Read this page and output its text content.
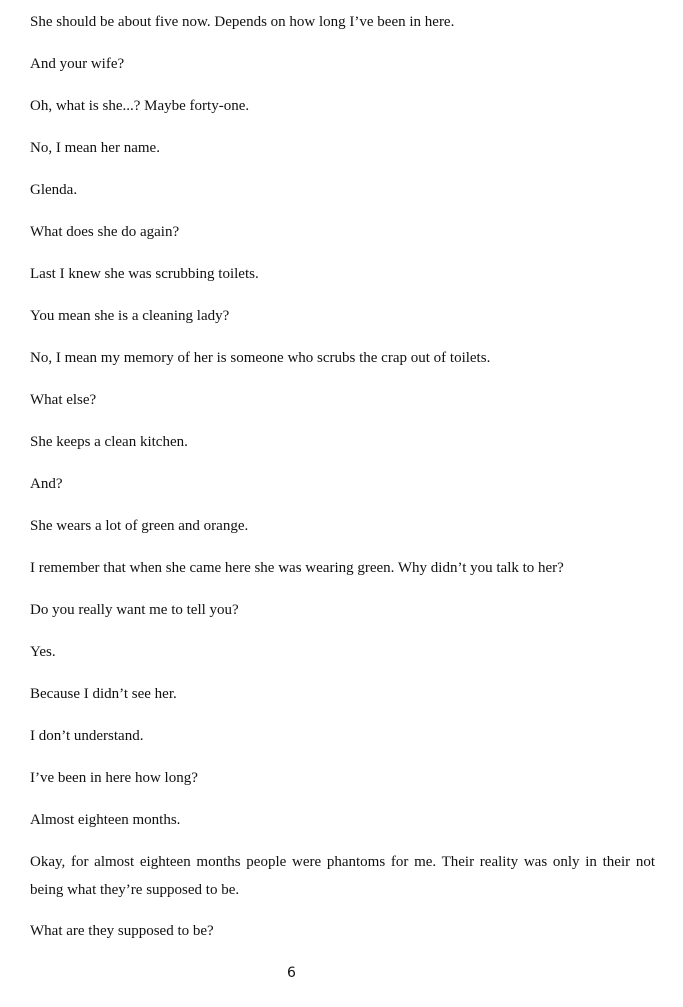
She should be about five now. Depends on how long I’ve been in here.

And your wife?

Oh, what is she...? Maybe forty-one.

No, I mean her name.

Glenda.

What does she do again?

Last I knew she was scrubbing toilets.

You mean she is a cleaning lady?

No, I mean my memory of her is someone who scrubs the crap out of toilets.

What else?

She keeps a clean kitchen.

And?

She wears a lot of green and orange.

I remember that when she came here she was wearing green. Why didn’t you talk to her?

Do you really want me to tell you?

Yes.

Because I didn’t see her.

I don’t understand.

I’ve been in here how long?

Almost eighteen months.

Okay, for almost eighteen months people were phantoms for me. Their reality was only in their not being what they’re supposed to be.

What are they supposed to be?

6
